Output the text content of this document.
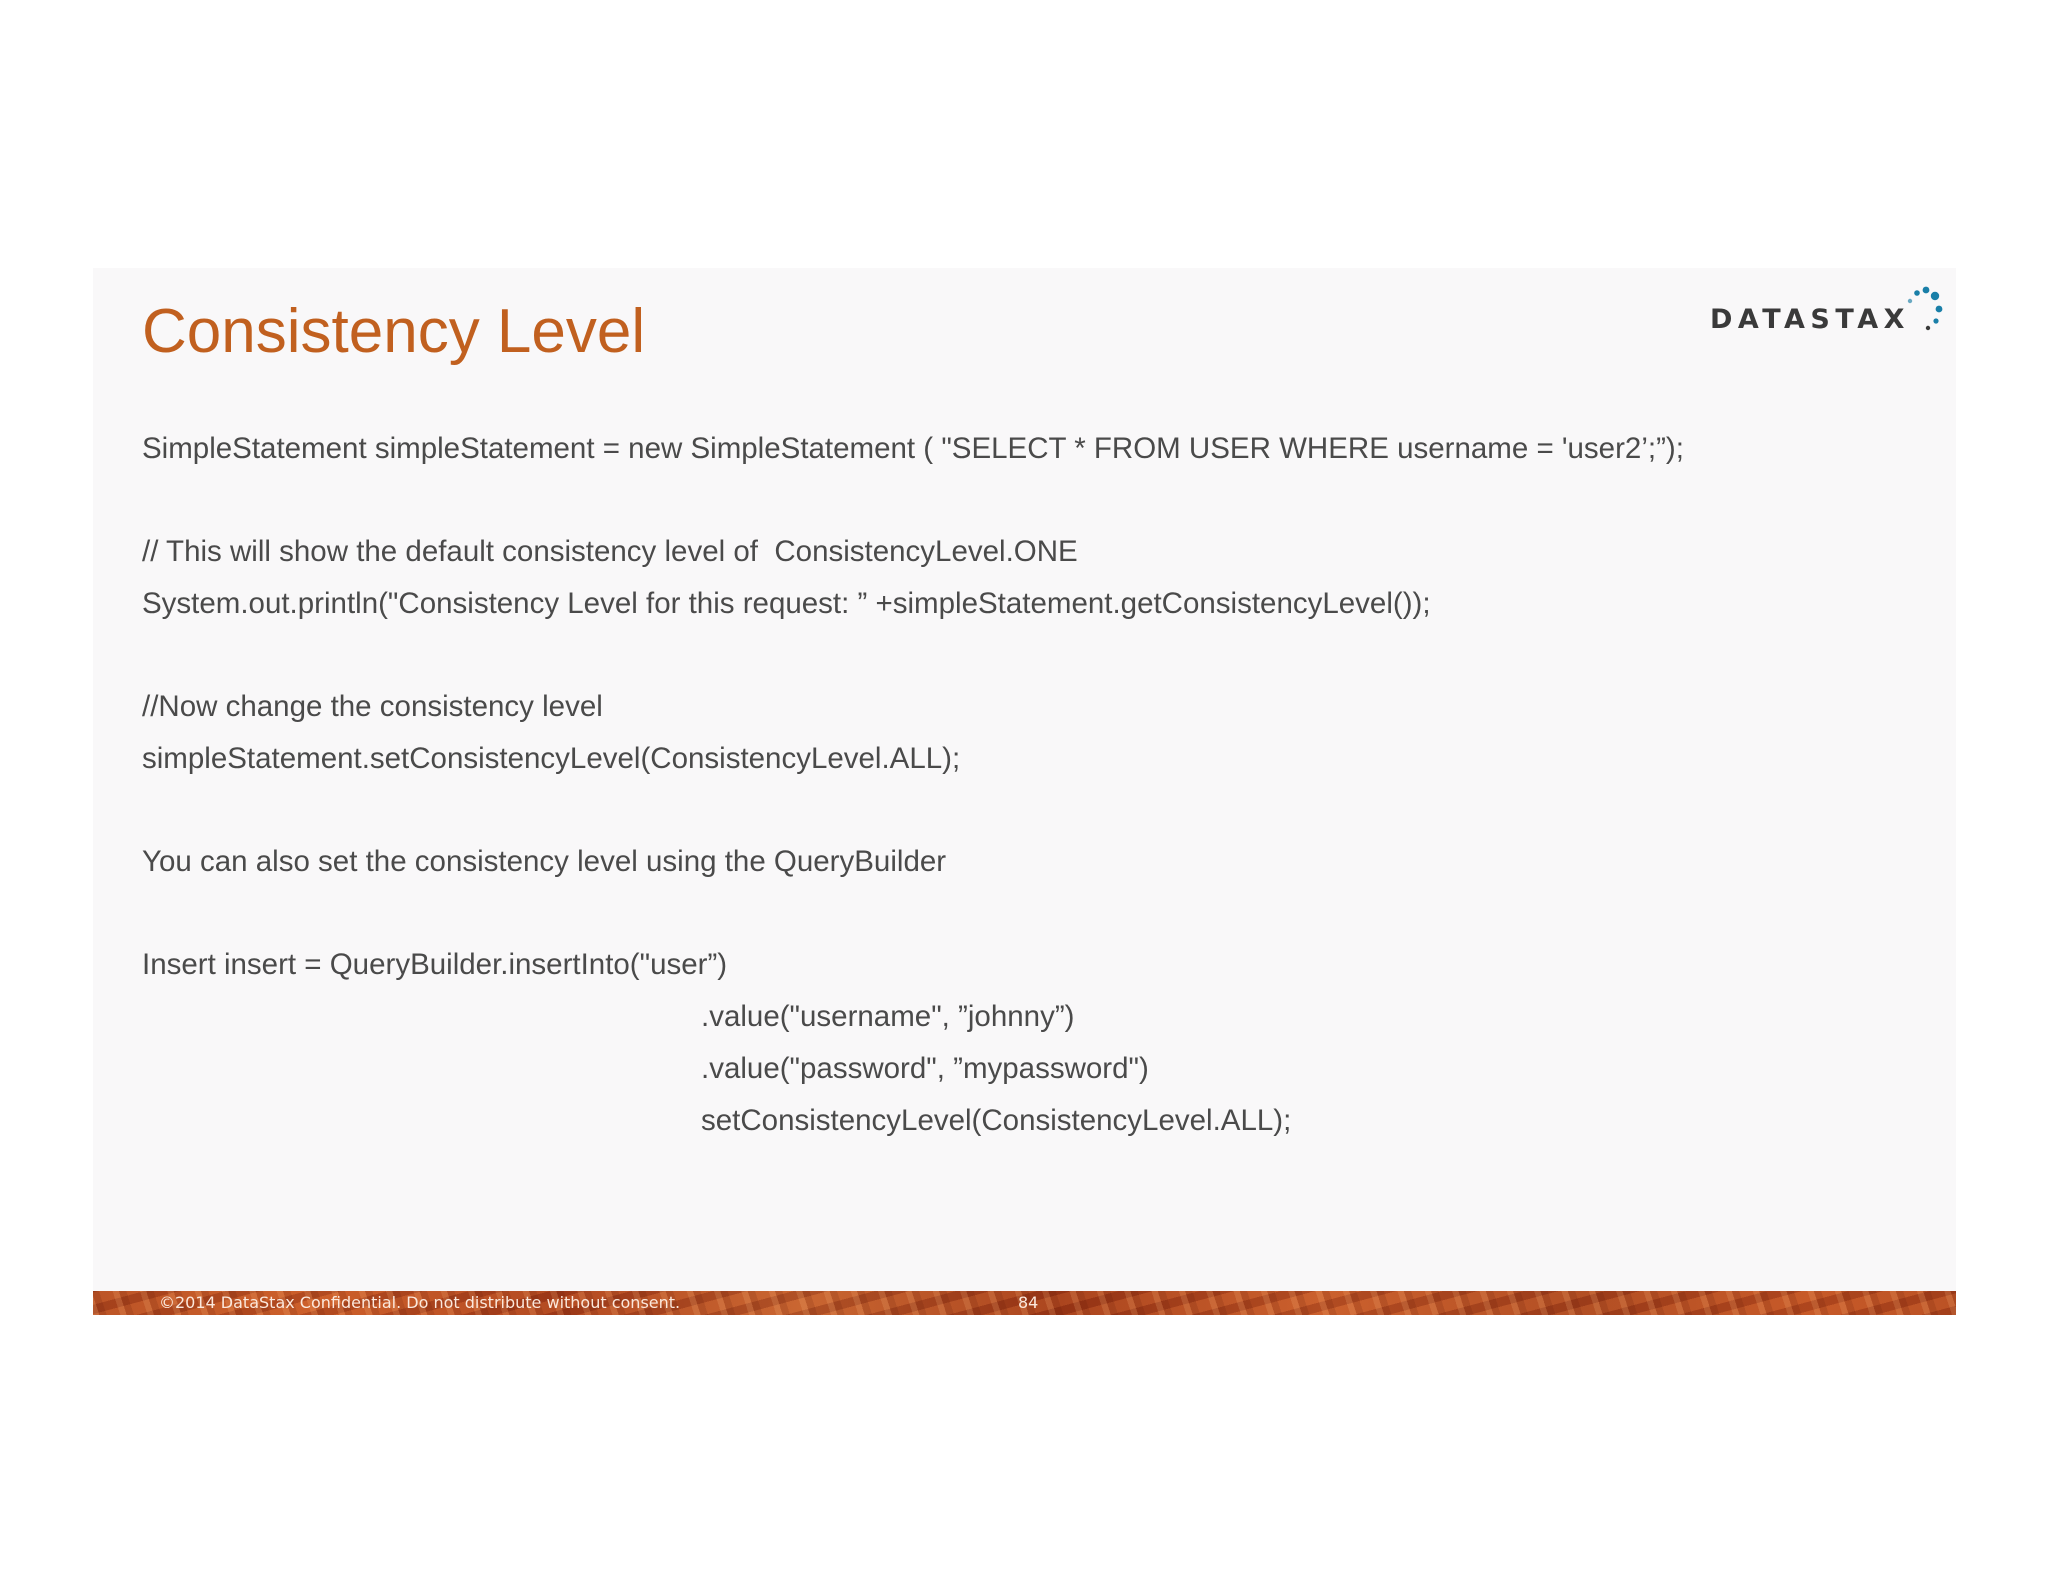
Consistency Level	DATASTAX

SimpleStatement simpleStatement = new SimpleStatement ( "SELECT * FROM USER WHERE username = 'user2’;”);

// This will show the default consistency level of  ConsistencyLevel.ONE

System.out.println("Consistency Level for this request: ” +simpleStatement.getConsistencyLevel());

//Now change the consistency level

simpleStatement.setConsistencyLevel(ConsistencyLevel.ALL);

You can also set the consistency level using the QueryBuilder

Insert insert = QueryBuilder.insertInto("user”)

.value("username", ”johnny”)

.value("password", ”mypassword")

setConsistencyLevel(ConsistencyLevel.ALL);

©2014 DataStax Confidential. Do not distribute without consent.	84
